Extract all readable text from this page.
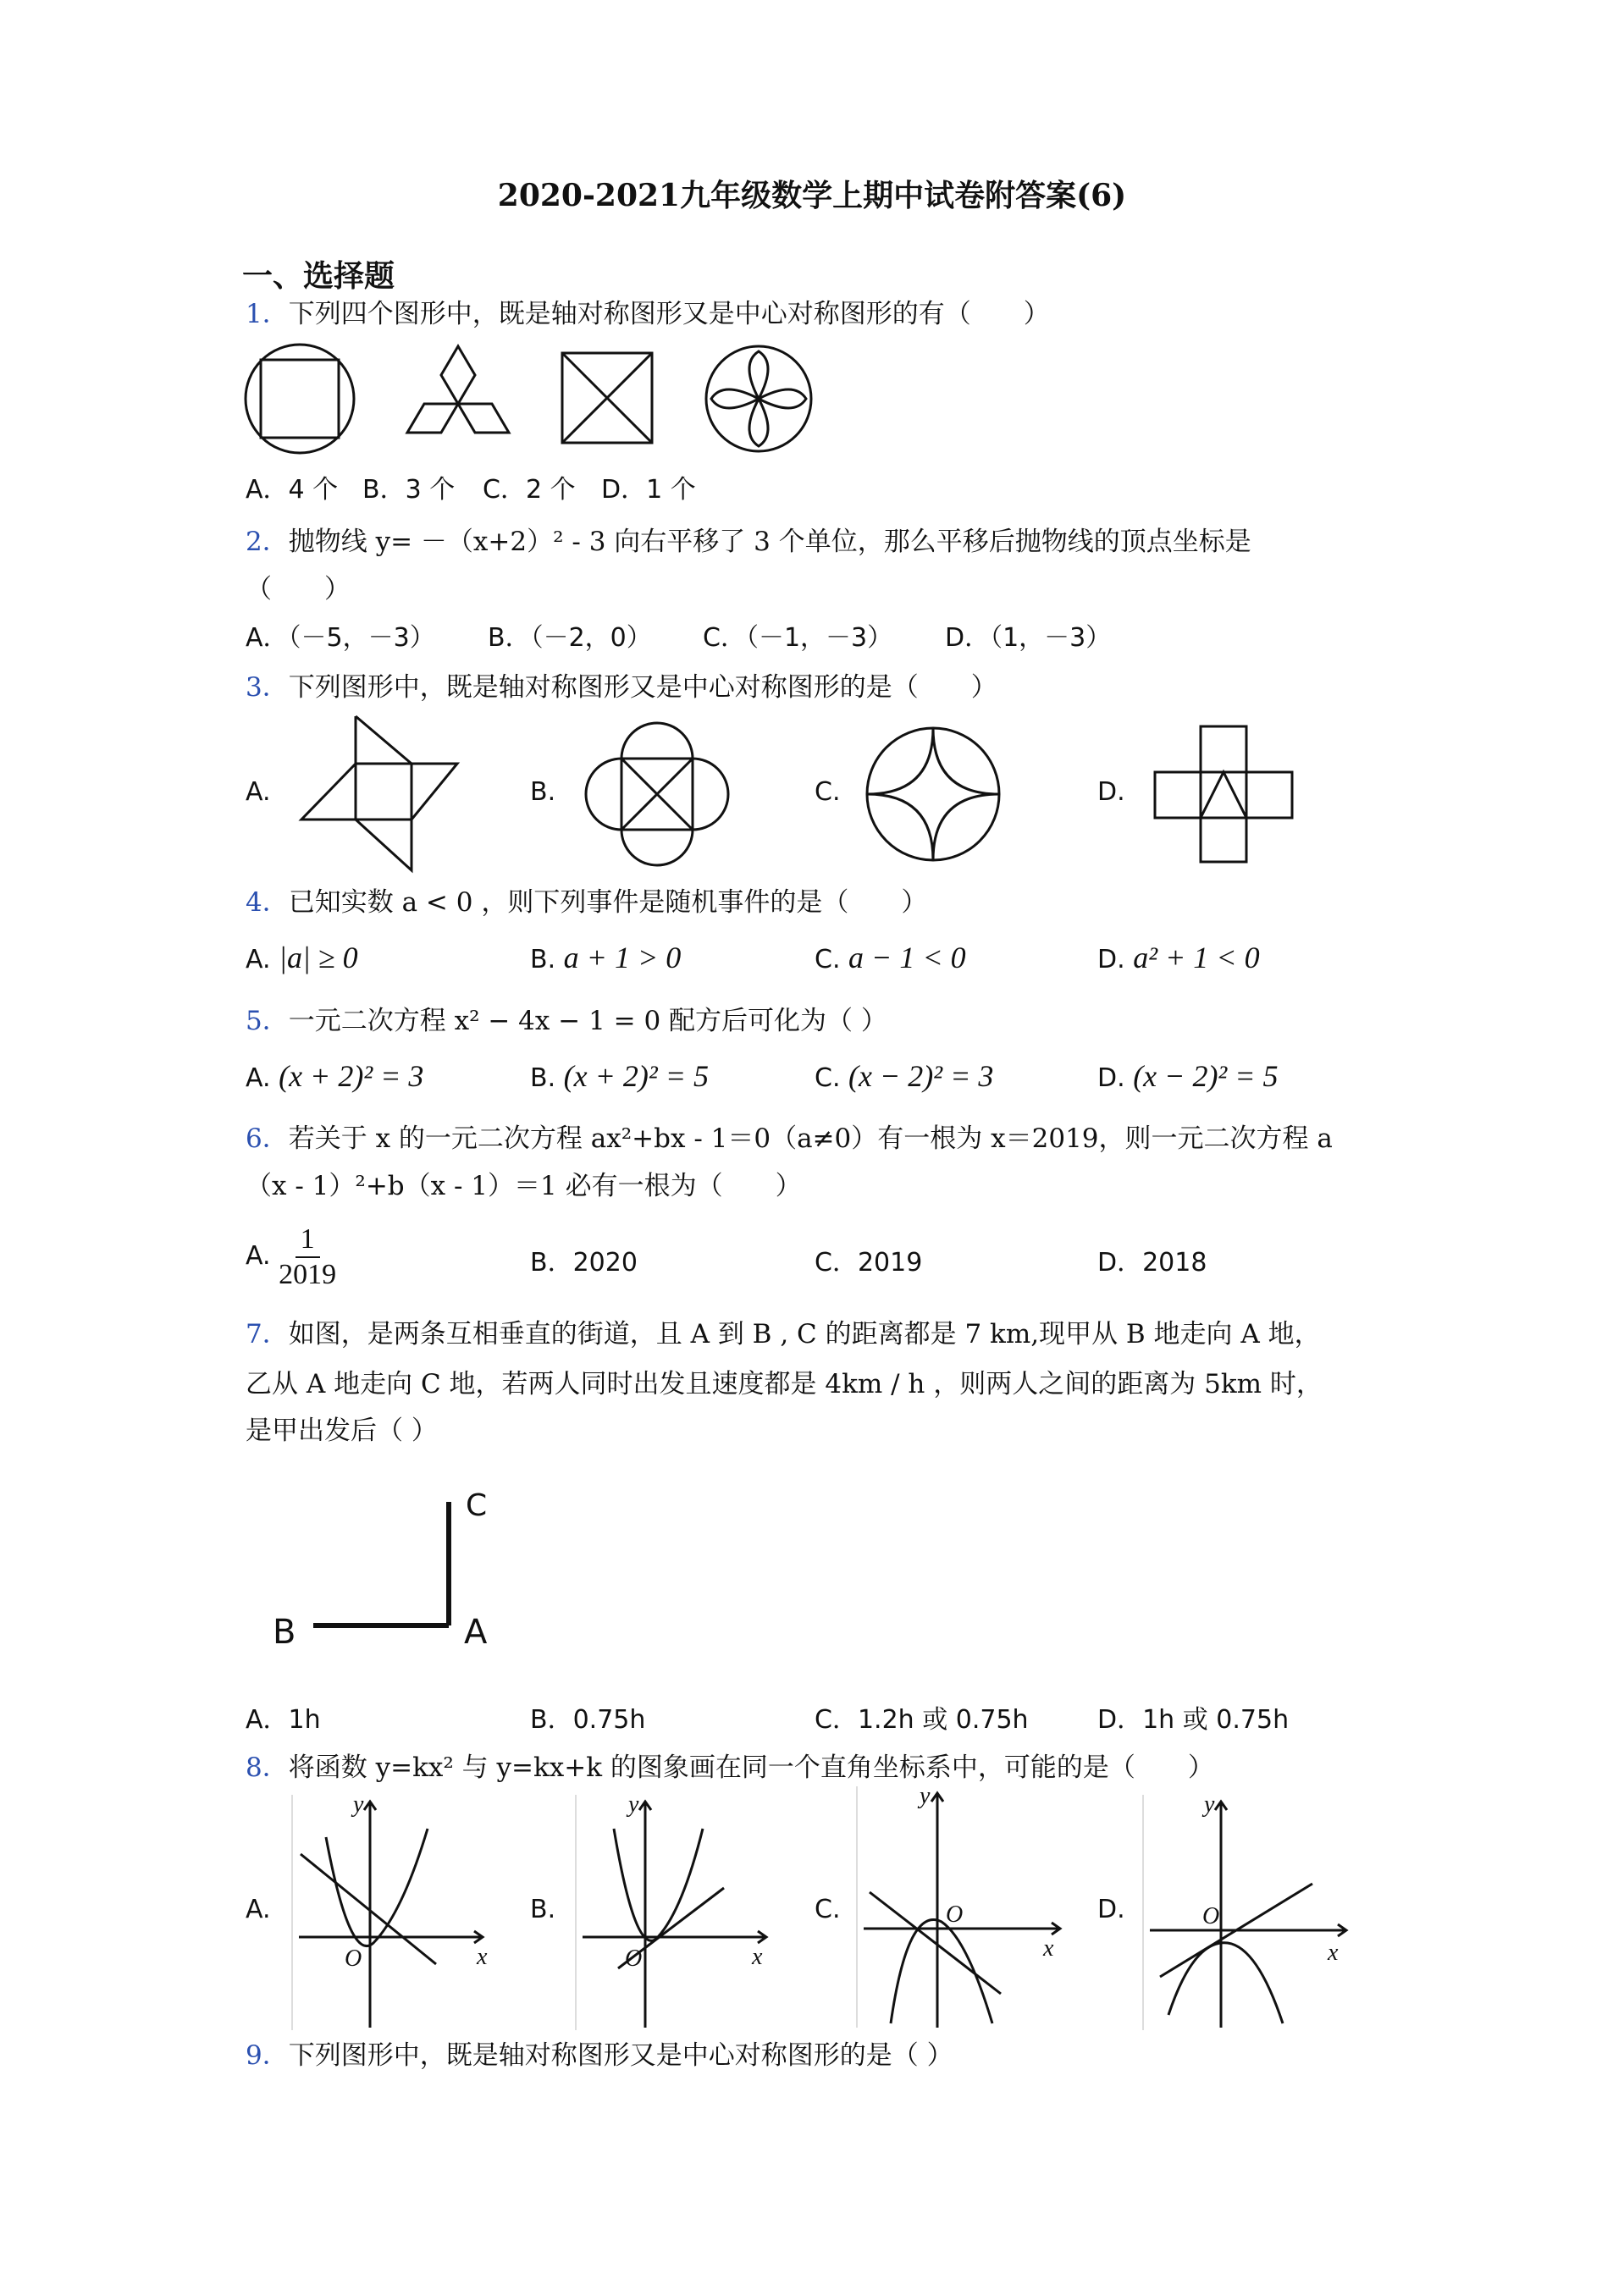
2020-2021九年级数学上期中试卷附答案(6)
一、选择题
1．下列四个图形中，既是轴对称图形又是中心对称图形的有（　　）
A．4 个 B．3 个 C．2 个 D．1 个
2．抛物线 y= －（x+2）² - 3 向右平移了 3 个单位，那么平移后抛物线的顶点坐标是
（　　）
A．（－5，－3） B．（－2，0） C．（－1，－3） D．（1，－3）
3．下列图形中，既是轴对称图形又是中心对称图形的是（　　）
A.	B.	C.	D.
4．已知实数 a < 0 ，则下列事件是随机事件的是（　　）
A. |a| ≥ 0	B. a + 1 > 0	C. a − 1 < 0	D. a² + 1 < 0
5．一元二次方程 x² − 4x − 1 = 0 配方后可化为（ ）
A. (x + 2)² = 3	B. (x + 2)² = 5	C. (x − 2)² = 3	D. (x − 2)² = 5
6．若关于 x 的一元二次方程 ax²+bx - 1＝0（a≠0）有一根为 x＝2019，则一元二次方程 a
（x - 1）²+b（x - 1）＝1 必有一根为（　　）
A. $\frac{1}{2019}$	B．2020	C．2019	D．2018
7．如图，是两条互相垂直的街道，且 A 到 B , C 的距离都是 7 km,现甲从 B 地走向 A 地，
乙从 A 地走向 C 地，若两人同时出发且速度都是 4km / h ，则两人之间的距离为 5km 时，
是甲出发后（ ）
C
B	A
A．1h	B．0.75h	C．1.2h 或 0.75h	D．1h 或 0.75h
8．将函数 y=kx² 与 y=kx+k 的图象画在同一个直角坐标系中，可能的是（　　）
A.	B.	C.	D.
y
x
O
y
x
O
y
x
O
y
x
O
9．下列图形中，既是轴对称图形又是中心对称图形的是（ ）
